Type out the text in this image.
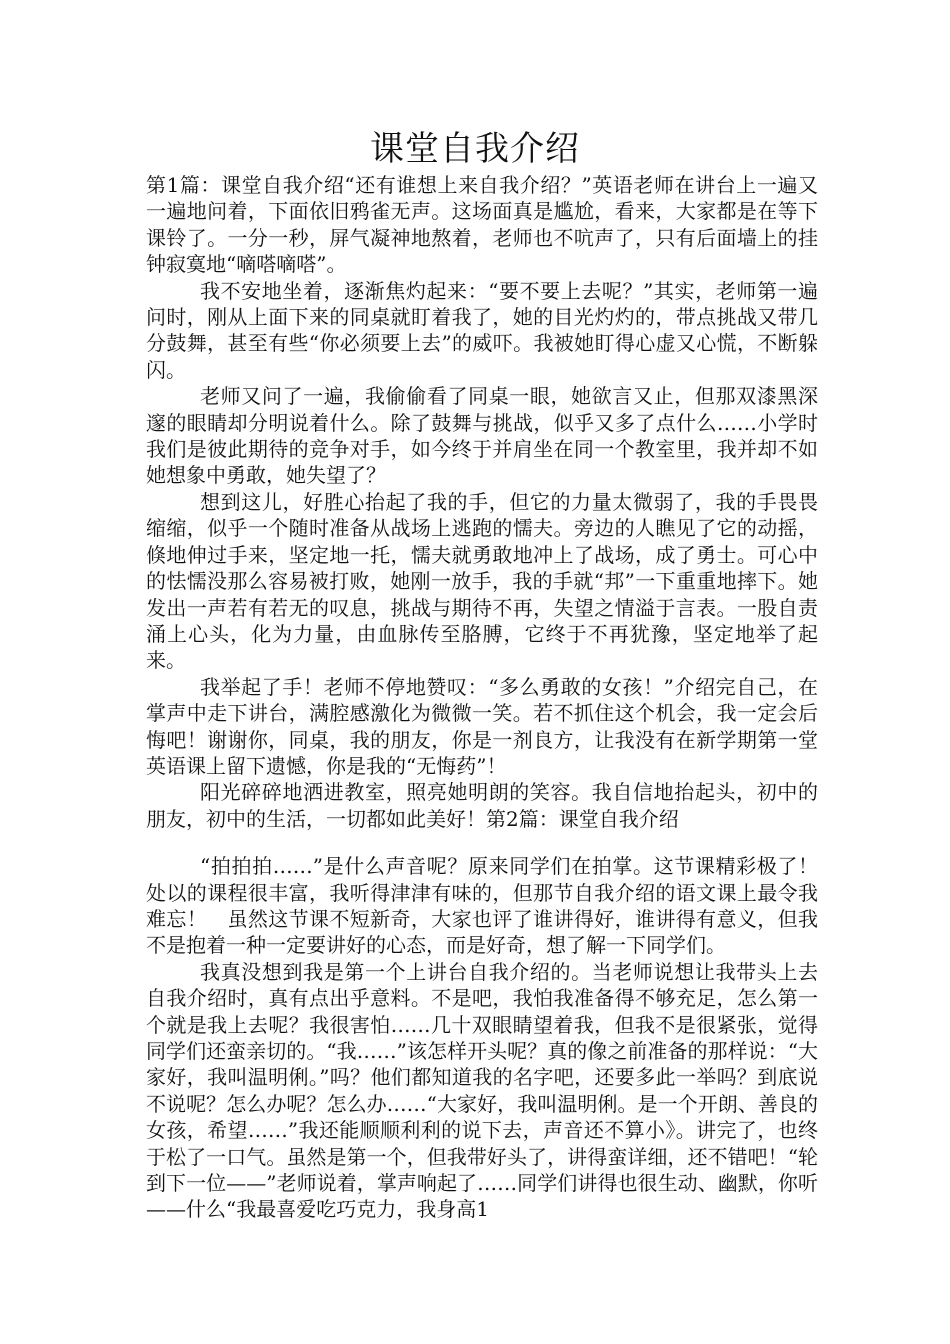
课堂自我介绍

第1篇：课堂自我介绍“还有谁想上来自我介绍？”英语老师在讲台上一遍又一遍地问着，下面依旧鸦雀无声。这场面真是尴尬，看来，大家都是在等下课铃了。一分一秒，屏气凝神地熬着，老师也不吭声了，只有后面墙上的挂钟寂寞地“嘀嗒嘀嗒”。

我不安地坐着，逐渐焦灼起来：“要不要上去呢？”其实，老师第一遍问时，刚从上面下来的同桌就盯着我了，她的目光灼灼的，带点挑战又带几分鼓舞，甚至有些“你必须要上去”的威吓。我被她盯得心虚又心慌，不断躲闪。

老师又问了一遍，我偷偷看了同桌一眼，她欲言又止，但那双漆黑深邃的眼睛却分明说着什么。除了鼓舞与挑战，似乎又多了点什么……小学时我们是彼此期待的竞争对手，如今终于并肩坐在同一个教室里，我并却不如她想象中勇敢，她失望了？

想到这儿，好胜心抬起了我的手，但它的力量太微弱了，我的手畏畏缩缩，似乎一个随时准备从战场上逃跑的懦夫。旁边的人瞧见了它的动摇，倏地伸过手来，坚定地一托，懦夫就勇敢地冲上了战场，成了勇士。可心中的怯懦没那么容易被打败，她刚一放手，我的手就“邦”一下重重地摔下。她发出一声若有若无的叹息，挑战与期待不再，失望之情溢于言表。一股自责涌上心头，化为力量，由血脉传至胳膊，它终于不再犹豫，坚定地举了起来。

我举起了手！老师不停地赞叹：“多么勇敢的女孩！”介绍完自己，在掌声中走下讲台，满腔感激化为微微一笑。若不抓住这个机会，我一定会后悔吧！谢谢你，同桌，我的朋友，你是一剂良方，让我没有在新学期第一堂英语课上留下遗憾，你是我的“无悔药”！

阳光碎碎地洒进教室，照亮她明朗的笑容。我自信地抬起头，初中的朋友，初中的生活，一切都如此美好！第2篇：课堂自我介绍

“拍拍拍……”是什么声音呢？原来同学们在拍掌。这节课精彩极了！处以的课程很丰富，我听得津津有味的，但那节自我介绍的语文课上最令我难忘！　虽然这节课不短新奇，大家也评了谁讲得好，谁讲得有意义，但我不是抱着一种一定要讲好的心态，而是好奇，想了解一下同学们。

我真没想到我是第一个上讲台自我介绍的。当老师说想让我带头上去自我介绍时，真有点出乎意料。不是吧，我怕我准备得不够充足，怎么第一个就是我上去呢？我很害怕……几十双眼睛望着我，但我不是很紧张，觉得同学们还蛮亲切的。“我……”该怎样开头呢？真的像之前准备的那样说：“大家好，我叫温明俐。”吗？他们都知道我的名字吧，还要多此一举吗？到底说不说呢？怎么办呢？怎么办……“大家好，我叫温明俐。是一个开朗、善良的女孩，希望……”我还能顺顺利利的说下去，声音还不算小》。讲完了，也终于松了一口气。虽然是第一个，但我带好头了，讲得蛮详细，还不错吧！“轮到下一位——”老师说着，掌声响起了……同学们讲得也很生动、幽默，你听——什么“我最喜爱吃巧克力，我身高1
